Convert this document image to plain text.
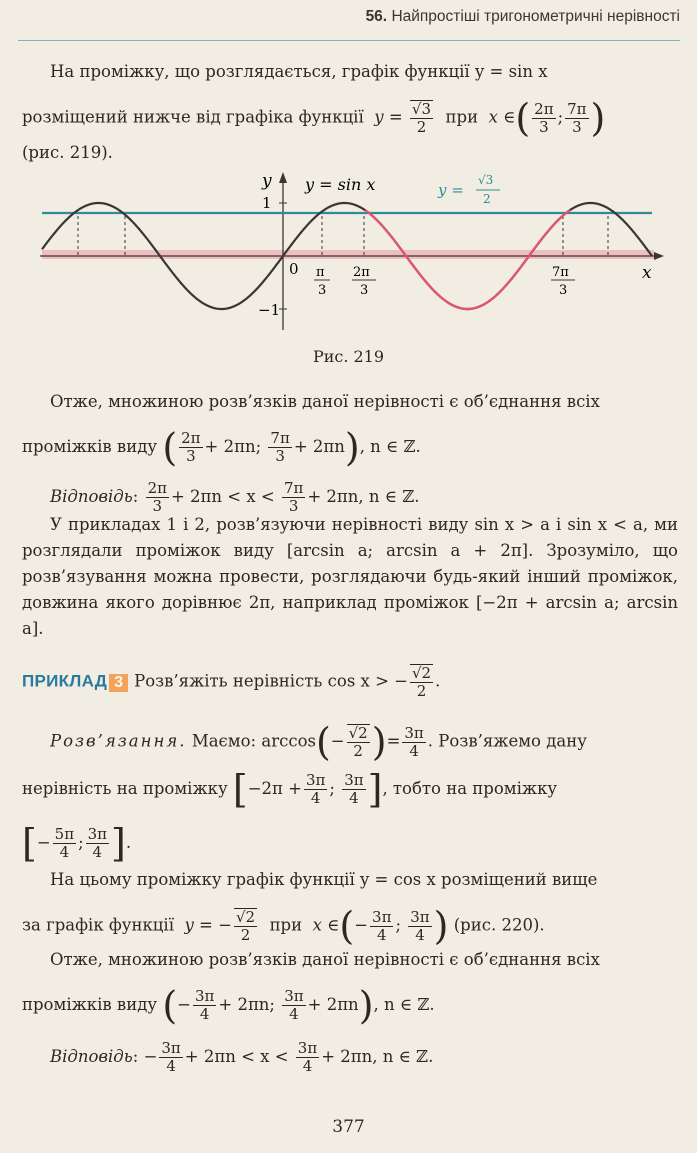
56. Найпростіші тригонометричні нерівності
На проміжку, що розглядається, графік функції y = sin x
розміщений нижче від графіка функції $y = \frac{√3}{2}$ при x ∈( $\frac{2\pi}{3}$ ; $\frac{7\pi}{3}$ )
(рис. 219).
y
x
1
−1
0
y = sin x	y =
√3
2
π
3
2π
3
7π
3
Рис. 219
Отже, множиною розв’язків даної нерівності є об’єднання всіх
проміжків виду ( $\frac{2\pi}{3} + 2\pi n$; $\frac{7\pi}{3} + 2\pi n$), n ∈ ℤ.
Відповідь: $\frac{2\pi}{3} + 2\pi n < x < \frac{7\pi}{3} + 2\pi n$, n ∈ ℤ.
У прикладах 1 і 2, розв’язуючи нерівності виду sin x > a і sin x < a, ми розглядали проміжок виду [arcsin a; arcsin a + 2π]. Зрозуміло, що розв’язування можна провести, розглядаючи будь-який інший проміжок, довжина якого дорівнює 2π, наприклад проміжок [−2π + arcsin a; arcsin a].
ПРИКЛАД 3 Розв’яжіть нерівність cos x > − $\frac{√2}{2}$ .
Розв’язання. Маємо: $\arccos(- \frac{√2}{2}$ )= $\frac{3\pi}{4}$ . Розв’яжемо дану
нерівність на проміжку [$-2\pi + \frac{3\pi}{4}$ ; $\frac{3\pi}{4}$ ], тобто на проміжку
[− $\frac{5\pi}{4}$ ; $\frac{3\pi}{4}$ ].
На цьому проміжку графік функції y = cos x розміщений вище
за графік функції y = − $\frac{√2}{2}$ при x ∈(− $\frac{3\pi}{4}$ ; $\frac{3\pi}{4}$ ) (рис. 220).
Отже, множиною розв’язків даної нерівності є об’єднання всіх
проміжків виду (− $\frac{3\pi}{4} + 2\pi n$; $\frac{3\pi}{4} + 2\pi n$), n ∈ ℤ.
Відповідь: − $\frac{3\pi}{4} + 2\pi n < x < \frac{3\pi}{4} + 2\pi n$, n ∈ ℤ.
377
